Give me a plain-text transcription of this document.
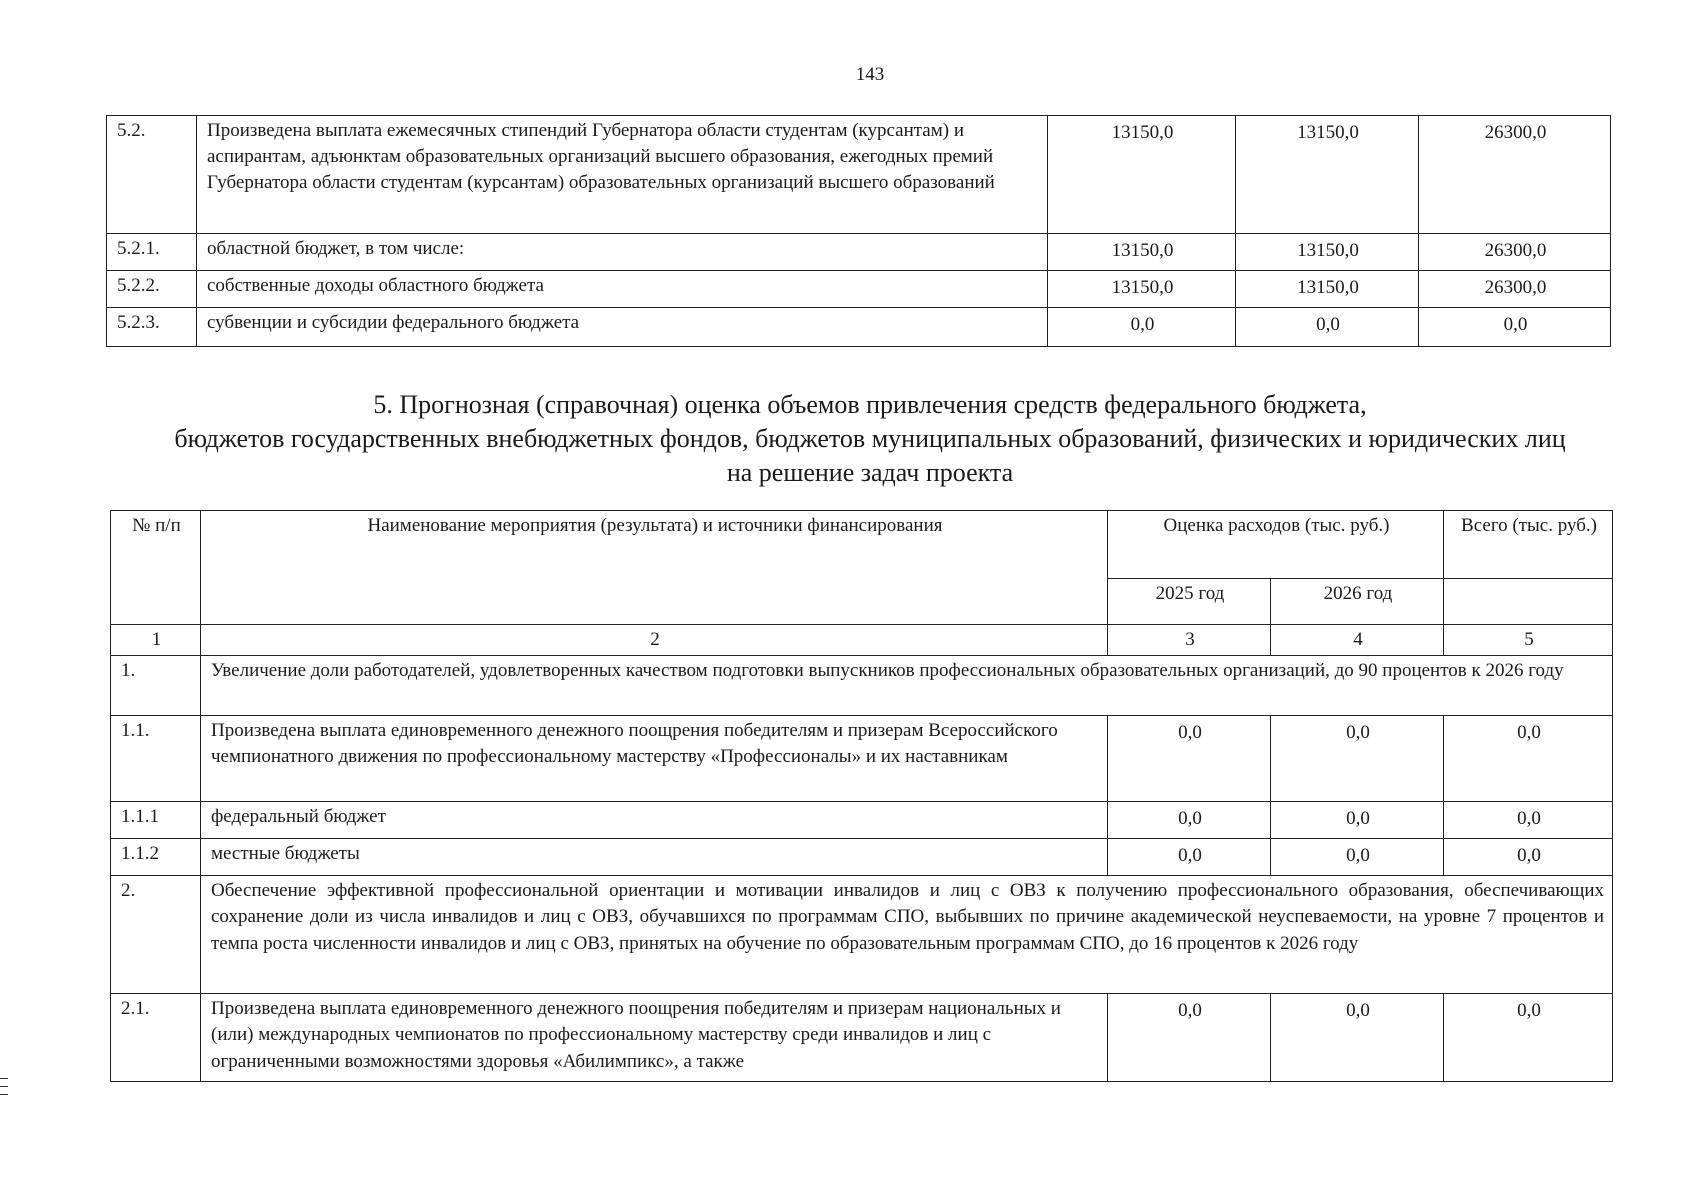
143
5.2.	Произведена выплата ежемесячных стипендий Губернатора области студентам (курсантам) и аспирантам, адъюнктам образовательных организаций высшего образования, ежегодных премий Губернатора области студентам (курсантам) образовательных организаций высшего образований	13150,0	13150,0	26300,0
5.2.1.	областной бюджет, в том числе:	13150,0	13150,0	26300,0
5.2.2.	собственные доходы областного бюджета	13150,0	13150,0	26300,0
5.2.3.	субвенции и субсидии федерального бюджета	0,0	0,0	0,0
5. Прогнозная (справочная) оценка объемов привлечения средств федерального бюджета,
бюджетов государственных внебюджетных фондов, бюджетов муниципальных образований, физических и юридических лиц
на решение задач проекта
№ п/п	Наименование мероприятия (результата) и источники финансирования	Оценка расходов (тыс. руб.)		Всего (тыс. руб.)
		2025 год	2026 год	
1	2	3	4	5
1.	Увеличение доли работодателей, удовлетворенных качеством подготовки выпускников профессиональных образовательных организаций, до 90 процентов к 2026 году			
1.1.	Произведена выплата единовременного денежного поощрения победителям и призерам Всероссийского чемпионатного движения по профессиональному мастерству «Профессионалы» и их наставникам	0,0	0,0	0,0
1.1.1	федеральный бюджет	0,0	0,0	0,0
1.1.2	местные бюджеты	0,0	0,0	0,0
2.	Обеспечение эффективной профессиональной ориентации и мотивации инвалидов и лиц с ОВЗ к получению профессионального образования, обеспечивающих сохранение доли из числа инвалидов и лиц с ОВЗ, обучавшихся по программам СПО, выбывших по причине академической неуспеваемости, на уровне 7 процентов и темпа роста численности инвалидов и лиц с ОВЗ, принятых на обучение по образовательным программам СПО, до 16 процентов к 2026 году			
2.1.	Произведена выплата единовременного денежного поощрения победителям и призерам национальных и (или) международных чемпионатов по профессиональному мастерству среди инвалидов и лиц с ограниченными возможностями здоровья «Абилимпикс», а также	0,0	0,0	0,0
